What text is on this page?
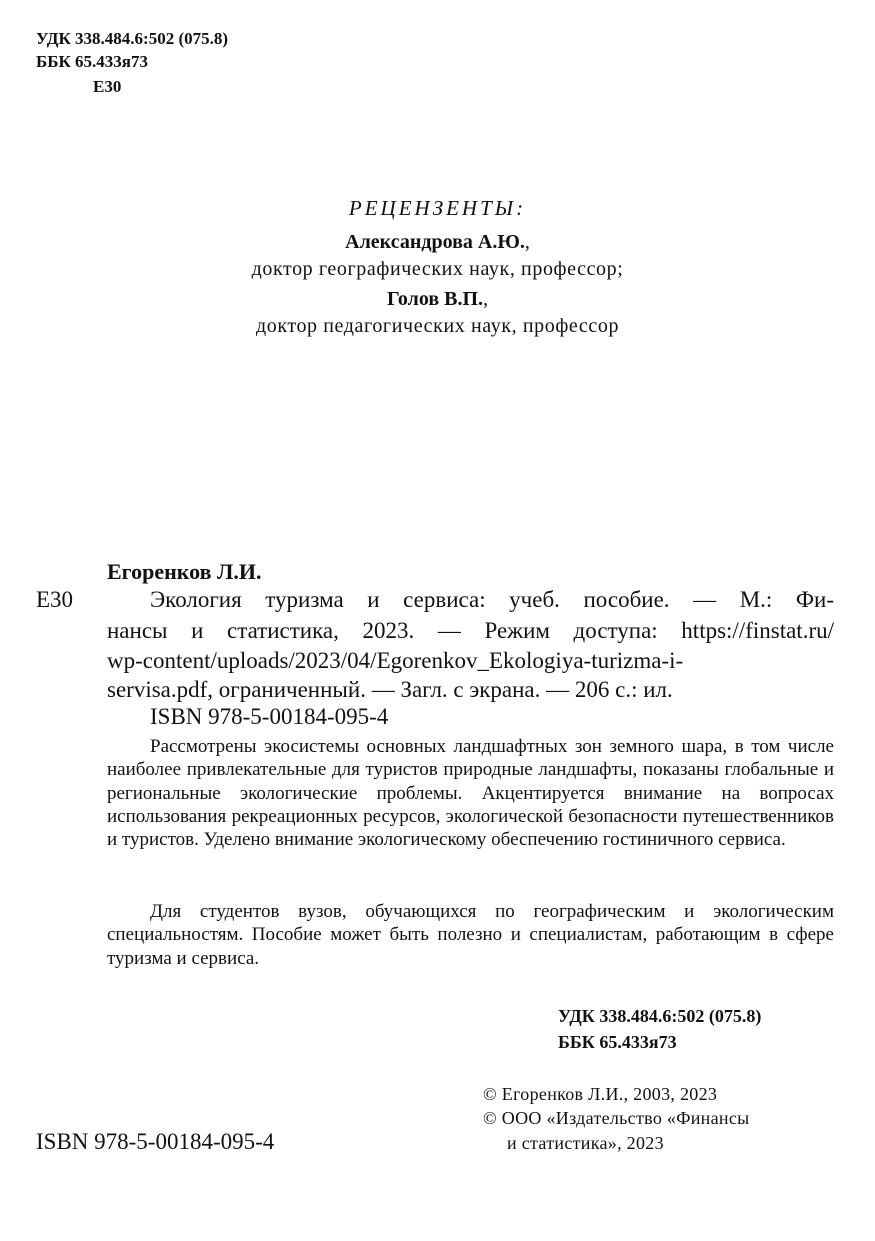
УДК 338.484.6:502 (075.8)
ББК 65.433я73
Е30
РЕЦЕНЗЕНТЫ:
Александрова А.Ю.,
доктор географических наук, профессор;
Голов В.П.,
доктор педагогических наук, профессор
Егоренков Л.И.
Е30	Экология туризма и сервиса: учеб. пособие. — М.: Фи-
нансы и статистика, 2023. — Режим доступа: https://finstat.ru/
wp-content/uploads/2023/04/Egorenkov_Ekologiya-turizma-i-
servisa.pdf, ограниченный. — Загл. с экрана. — 206 с.: ил.
ISBN 978-5-00184-095-4

Рассмотрены экосистемы основных ландшафтных зон земного шара, в том числе наиболее привлекательные для туристов природные ландшафты, показаны глобальные и региональные экологические проблемы. Акцентируется внимание на вопросах использования рекреационных ресурсов, экологической безопасности путешественников и туристов. Уделено внимание экологическому обеспечению гостиничного сервиса.

Для студентов вузов, обучающихся по географическим и экологическим специальностям. Пособие может быть полезно и специалистам, работающим в сфере туризма и сервиса.

УДК 338.484.6:502 (075.8)
ББК 65.433я73
© Егоренков Л.И., 2003, 2023
© ООО «Издательство «Финансы
и статистика», 2023
ISBN 978-5-00184-095-4
